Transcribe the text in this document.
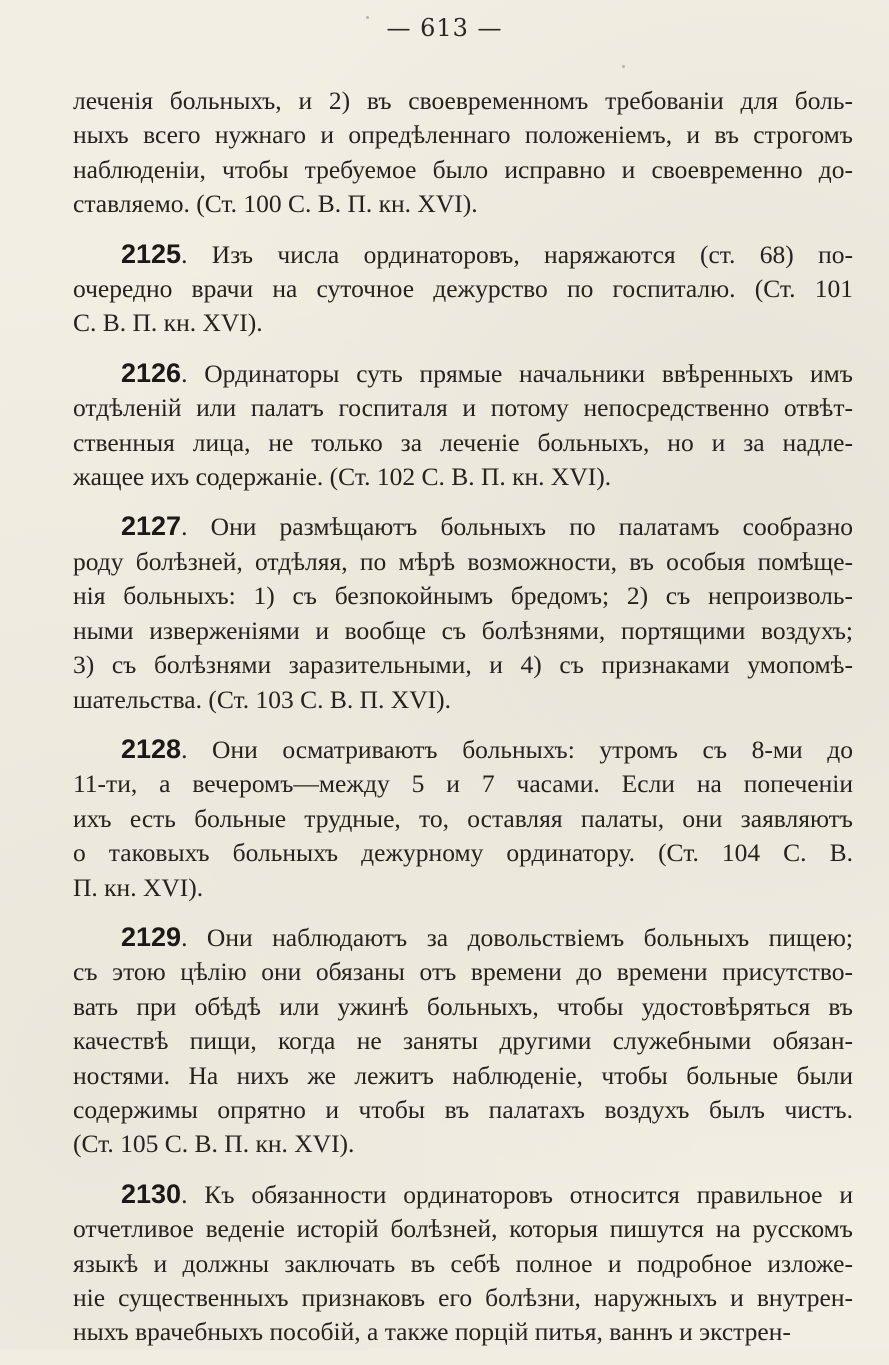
— 613 —
леченія больныхъ, и 2) въ своевременномъ требованіи для боль-
ныхъ всего нужнаго и опредѣленнаго положеніемъ, и въ строгомъ
наблюденіи, чтобы требуемое было исправно и своевременно до-
ставляемо. (Ст. 100 С. В. П. кн. XVI).
2125. Изъ числа ординаторовъ, наряжаются (ст. 68) по-
очередно врачи на суточное дежурство по госпиталю. (Ст. 101
С. В. П. кн. XVI).
2126. Ординаторы суть прямые начальники ввѣренныхъ имъ
отдѣленій или палатъ госпиталя и потому непосредственно отвѣт-
ственныя лица, не только за леченіе больныхъ, но и за надле-
жащее ихъ содержаніе. (Ст. 102 С. В. П. кн. XVI).
2127. Они размѣщаютъ больныхъ по палатамъ сообразно
роду болѣзней, отдѣляя, по мѣрѣ возможности, въ особыя помѣще-
нія больныхъ: 1) съ безпокойнымъ бредомъ; 2) съ непроизволь-
ными изверженіями и вообще съ болѣзнями, портящими воздухъ;
3) съ болѣзнями заразительными, и 4) съ признаками умопомѣ-
шательства. (Ст. 103 С. В. П. XVI).
2128. Они осматриваютъ больныхъ: утромъ съ 8-ми до
11-ти, а вечеромъ—между 5 и 7 часами. Если на попеченіи
ихъ есть больные трудные, то, оставляя палаты, они заявляютъ
о таковыхъ больныхъ дежурному ординатору. (Ст. 104 С. В.
П. кн. XVI).
2129. Они наблюдаютъ за довольствіемъ больныхъ пищею;
съ этою цѣлію они обязаны отъ времени до времени присутство-
вать при обѣдѣ или ужинѣ больныхъ, чтобы удостовѣряться въ
качествѣ пищи, когда не заняты другими служебными обязан-
ностями. На нихъ же лежитъ наблюденіе, чтобы больные были
содержимы опрятно и чтобы въ палатахъ воздухъ былъ чистъ.
(Ст. 105 С. В. П. кн. XVI).
2130. Къ обязанности ординаторовъ относится правильное и
отчетливое веденіе исторій болѣзней, которыя пишутся на русскомъ
языкѣ и должны заключать въ себѣ полное и подробное изложе-
ніе существенныхъ признаковъ его болѣзни, наружныхъ и внутрен-
ныхъ врачебныхъ пособій, а также порцій питья, ваннъ и экстрен-
